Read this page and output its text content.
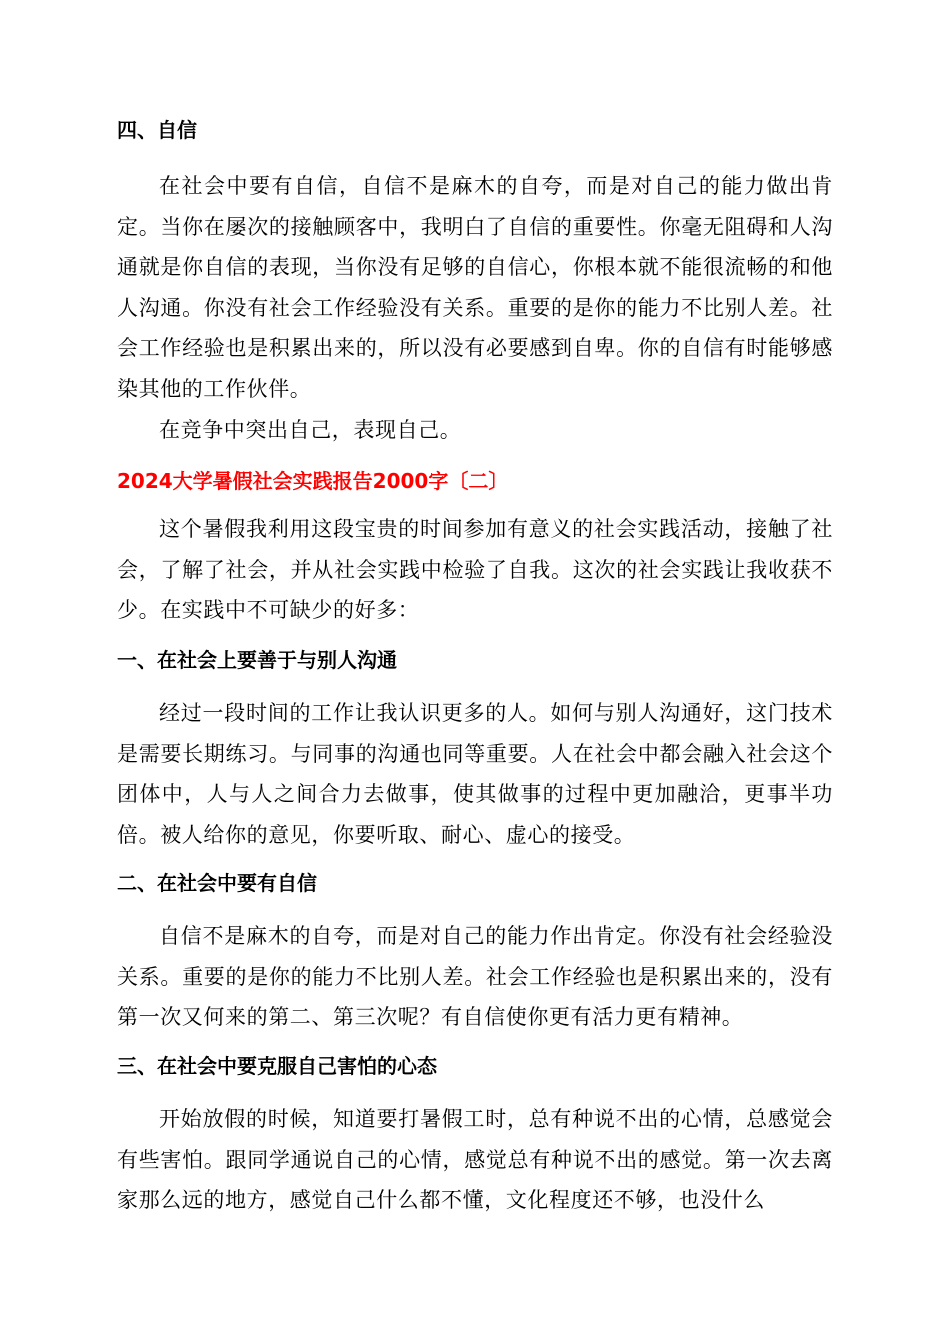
四、自信

在社会中要有自信，自信不是麻木的自夸，而是对自己的能力做出肯定。当你在屡次的接触顾客中，我明白了自信的重要性。你毫无阻碍和人沟通就是你自信的表现，当你没有足够的自信心，你根本就不能很流畅的和他人沟通。你没有社会工作经验没有关系。重要的是你的能力不比别人差。社会工作经验也是积累出来的，所以没有必要感到自卑。你的自信有时能够感染其他的工作伙伴。

在竞争中突出自己，表现自己。

2024大学暑假社会实践报告2000字〔二〕

这个暑假我利用这段宝贵的时间参加有意义的社会实践活动，接触了社会，了解了社会，并从社会实践中检验了自我。这次的社会实践让我收获不少。在实践中不可缺少的好多：

一、在社会上要善于与别人沟通

经过一段时间的工作让我认识更多的人。如何与别人沟通好，这门技术是需要长期练习。与同事的沟通也同等重要。人在社会中都会融入社会这个团体中，人与人之间合力去做事，使其做事的过程中更加融洽，更事半功倍。被人给你的意见，你要听取、耐心、虚心的接受。

二、在社会中要有自信

自信不是麻木的自夸，而是对自己的能力作出肯定。你没有社会经验没关系。重要的是你的能力不比别人差。社会工作经验也是积累出来的，没有第一次又何来的第二、第三次呢？有自信使你更有活力更有精神。

三、在社会中要克服自己害怕的心态

开始放假的时候，知道要打暑假工时，总有种说不出的心情，总感觉会有些害怕。跟同学通说自己的心情，感觉总有种说不出的感觉。第一次去离家那么远的地方，感觉自己什么都不懂，文化程度还不够，也没什么
